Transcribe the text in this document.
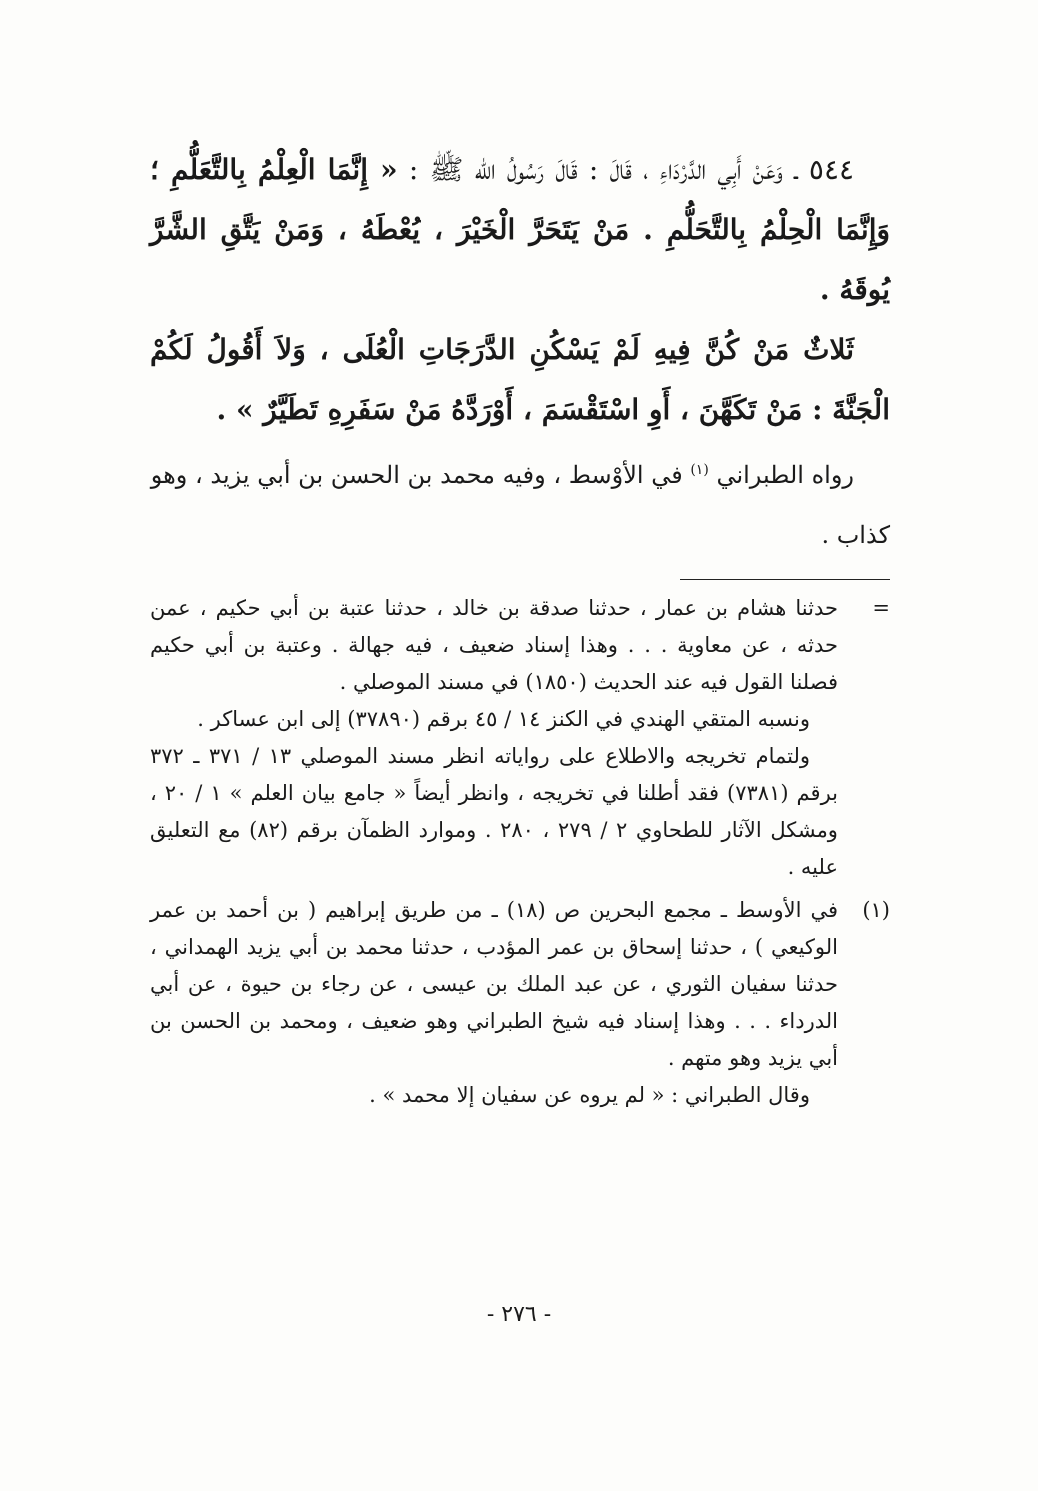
٥٤٤ ـ وَعَنْ أَبِي الدَّرْدَاءِ ، قَالَ : قَالَ رَسُولُ الله ﷺ : « إِنَّمَا الْعِلْمُ بِالتَّعَلُّمِ ؛ وَإِنَّمَا الْحِلْمُ بِالتَّحَلُّمِ . مَنْ يَتَحَرَّ الْخَيْرَ ، يُعْطَهُ ، وَمَنْ يَتَّقِ الشَّرَّ يُوقَهُ .

ثَلاثٌ مَنْ كُنَّ فِيهِ لَمْ يَسْكُنِ الدَّرَجَاتِ الْعُلَى ، وَلاَ أَقُولُ لَكُمْ الْجَنَّةَ : مَنْ تَكَهَّنَ ، أَوِ اسْتَقْسَمَ ، أَوْرَدَّهُ مَنْ سَفَرِهِ تَطَيَّرٌ » .

رواه الطبراني $^{(١)}$ في الأوْسط ، وفيه محمد بن الحسن بن أبي يزيد ، وهو كذاب .

=

حدثنا هشام بن عمار ، حدثنا صدقة بن خالد ، حدثنا عتبة بن أبي حكيم ، عمن حدثه ، عن معاوية . . . وهذا إسناد ضعيف ، فيه جهالة . وعتبة بن أبي حكيم فصلنا القول فيه عند الحديث (١٨٥٠) في مسند الموصلي .

ونسبه المتقي الهندي في الكنز ١٤ / ٤٥ برقم (٣٧٨٩٠) إلى ابن عساكر .

ولتمام تخريجه والاطلاع على رواياته انظر مسند الموصلي ١٣ / ٣٧١ ـ ٣٧٢ برقم (٧٣٨١) فقد أطلنا في تخريجه ، وانظر أيضاً « جامع بيان العلم » ١ / ٢٠ ، ومشكل الآثار للطحاوي ٢ / ٢٧٩ ، ٢٨٠ . وموارد الظمآن برقم (٨٢) مع التعليق عليه .

(١)

في الأوسط ـ مجمع البحرين ص (١٨) ـ من طريق إبراهيم ( بن أحمد بن عمر الوكيعي ) ، حدثنا إسحاق بن عمر المؤدب ، حدثنا محمد بن أبي يزيد الهمداني ، حدثنا سفيان الثوري ، عن عبد الملك بن عيسى ، عن رجاء بن حيوة ، عن أبي الدرداء . . . وهذا إسناد فيه شيخ الطبراني وهو ضعيف ، ومحمد بن الحسن بن أبي يزيد وهو متهم .

وقال الطبراني : « لم يروه عن سفيان إلا محمد » .

- ٢٧٦ -
